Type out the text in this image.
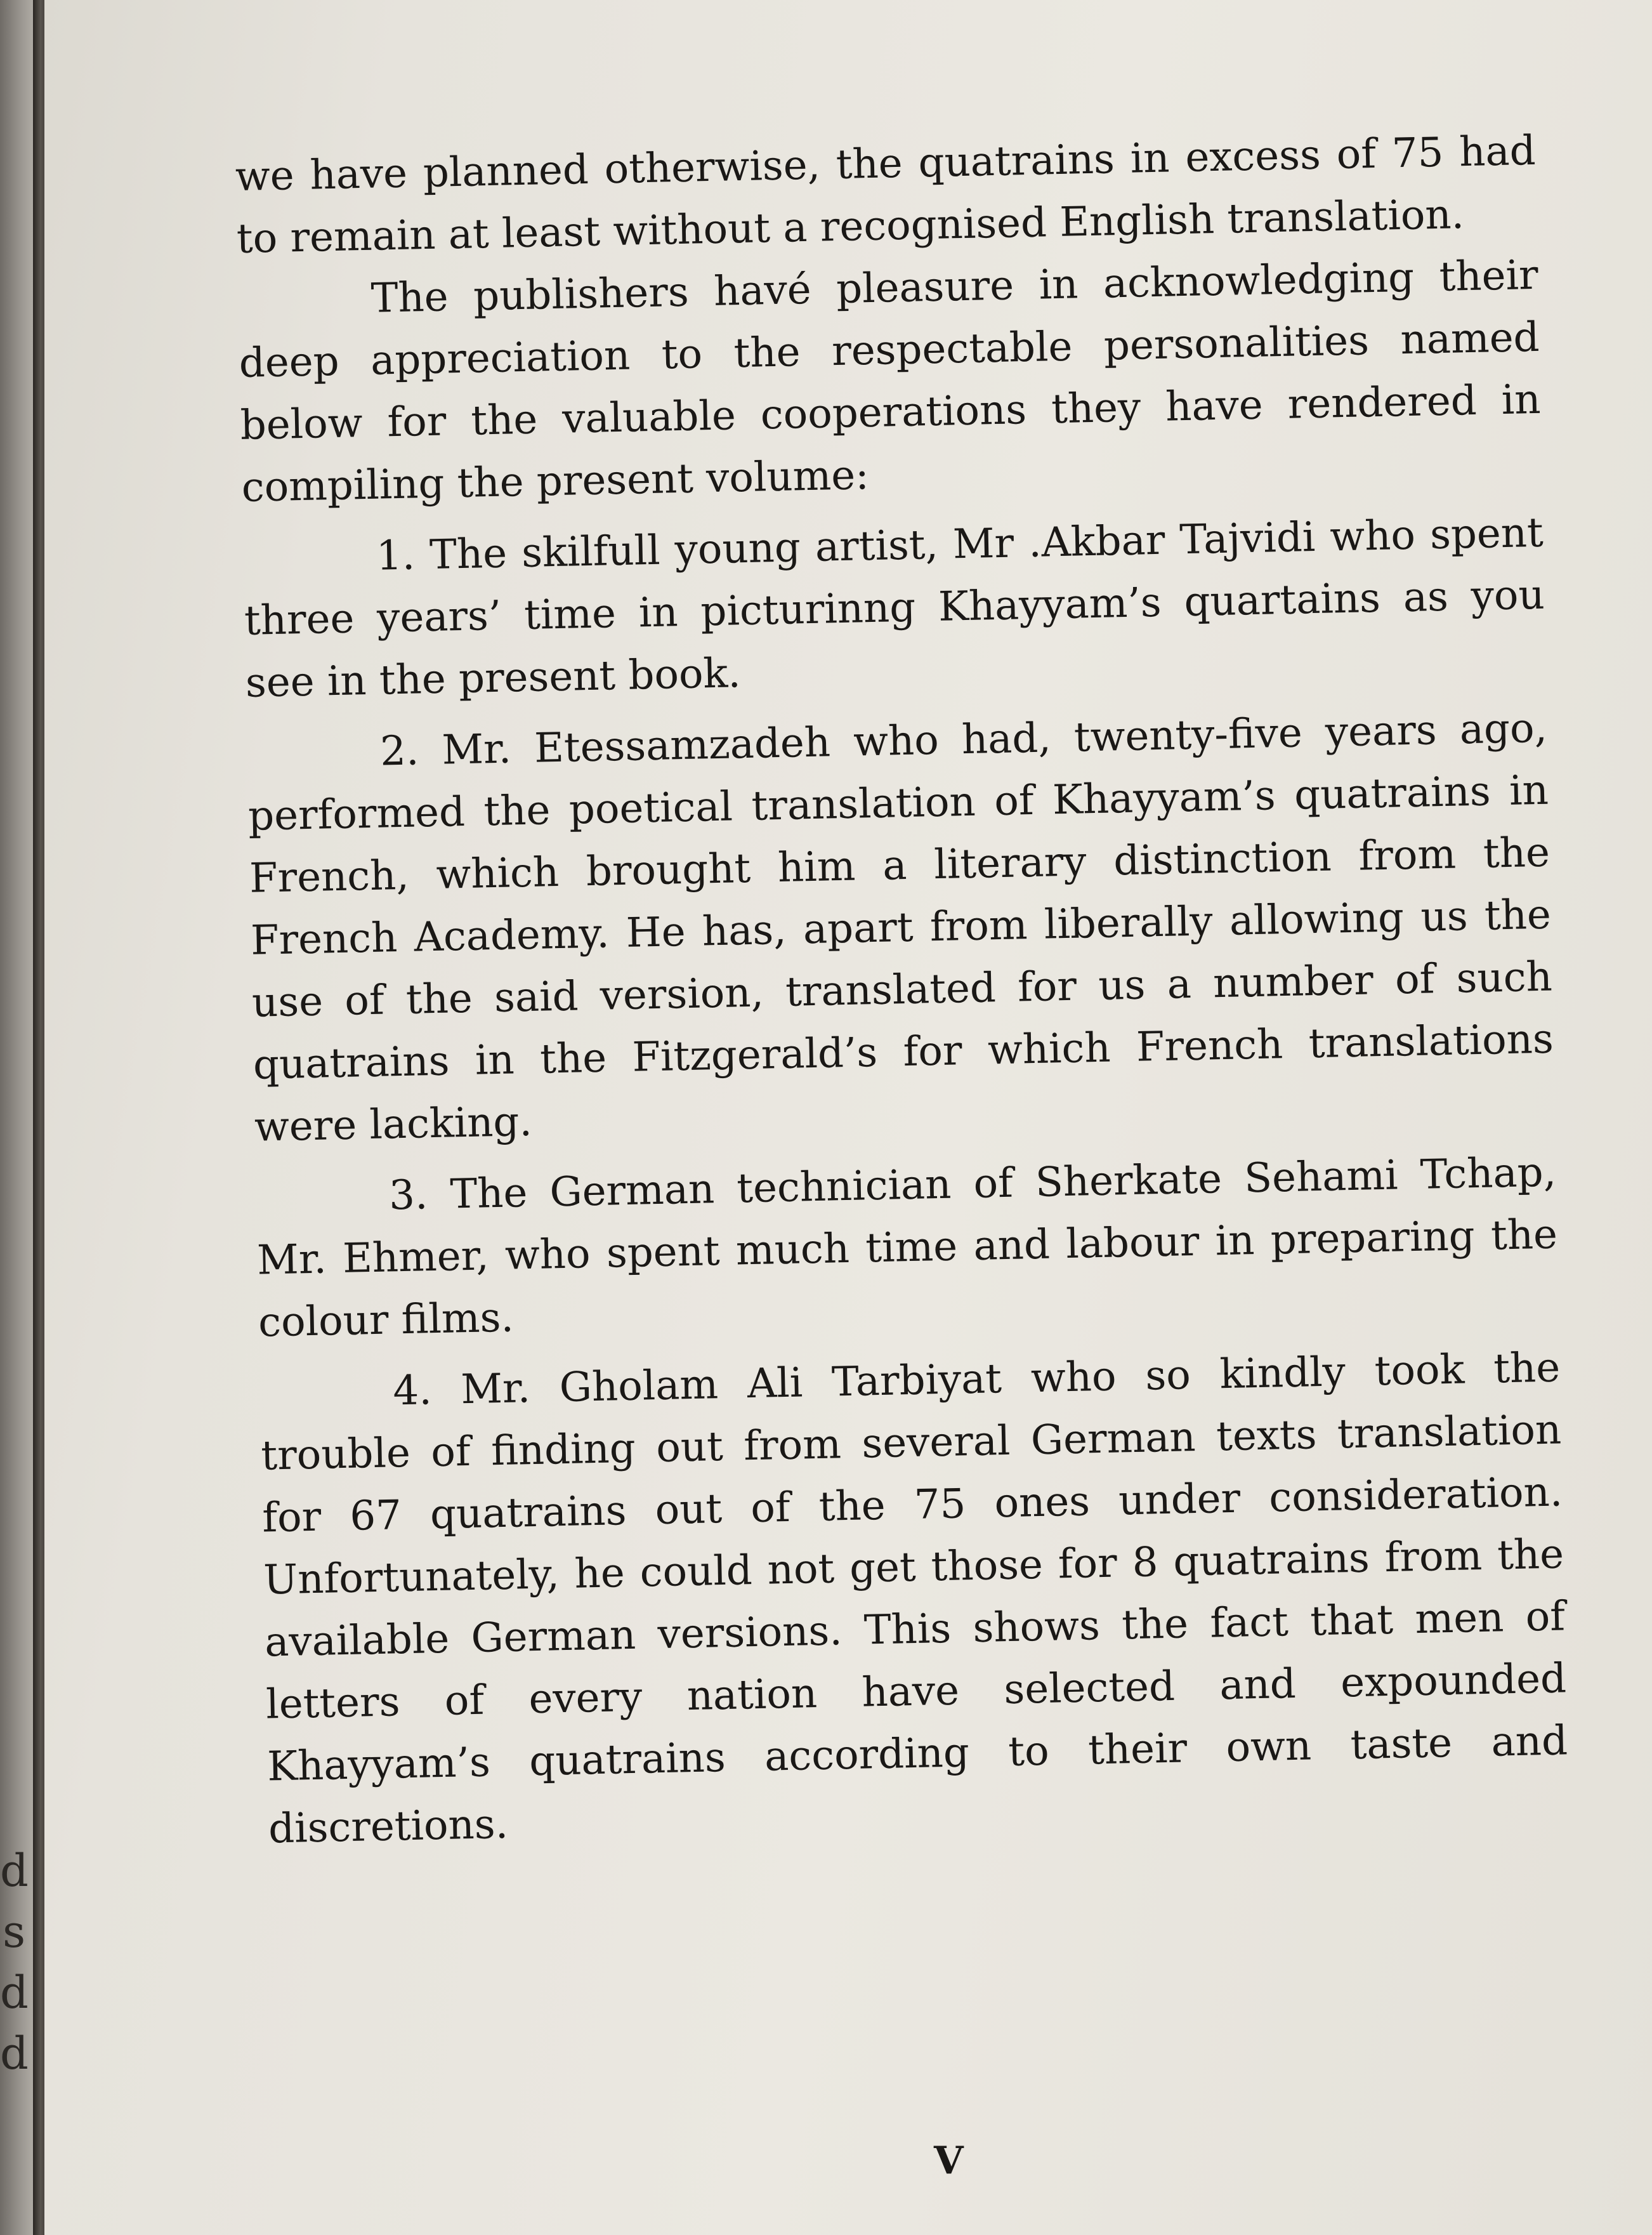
d
s
d
d

we have planned otherwise, the quatrains in excess of 75 had to remain at least without a recognised English translation.

The publishers havé pleasure in acknowledging their deep appreciation to the respectable personalities named below for the valuable cooperations they have rendered in compiling the present volume:

1. The skilfull young artist, Mr .Akbar Tajvidi who spent three years’ time in picturinng Khayyam’s quartains as you see in the present book.

2. Mr. Etessamzadeh who had, twenty-five years ago, performed the poetical translation of Khayyam’s quatrains in French, which brought him a literary distinction from the French Academy. He has, apart from liberally allowing us the use of the said version, translated for us a number of such quatrains in the Fitzgerald’s for which French translations were lacking.

3. The German technician of Sherkate Sehami Tchap, Mr. Ehmer, who spent much time and labour in preparing the colour films.

4. Mr. Gholam Ali Tarbiyat who so kindly took the trouble of finding out from several German texts translation for 67 quatrains out of the 75 ones under consideration. Unfortunately, he could not get those for 8 quatrains from the available German versions. This shows the fact that men of letters of every nation have selected and expounded Khayyam’s quatrains according to their own taste and discretions.

V
